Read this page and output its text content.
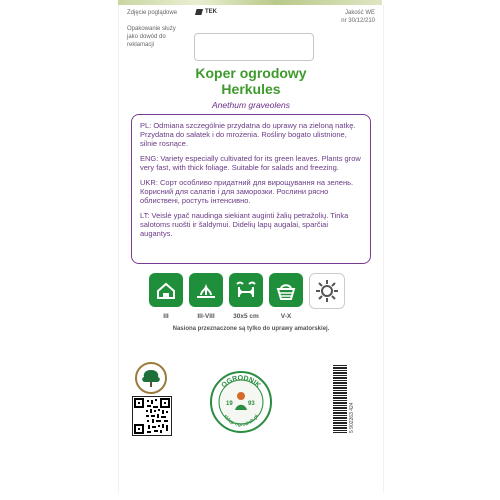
Zdjęcie poglądowe
Opakowanie służy jako dowód do reklamacji
TEK	Jakość WE
nr 30/12/210
Koper ogrodowy
Herkules
Anethum graveolens
PL: Odmiana szczególnie przydatna do uprawy na zieloną natkę. Przydatna do sałatek i do mrożenia. Rośliny bogato ulistnione, silnie rosnące.
ENG: Variety especially cultivated for its green leaves. Plants grow very fast, with thick foliage. Suitable for salads and freezing.
UKR: Сорт особливо придатний для вирощування на зелень. Корисний для салатів і для заморозки. Рослини рясно облиствені, ростуть інтенсивно.
LT: Veislė ypač naudinga siekiant auginti žalių petražolių. Tinka salotoms ruošti ir šaldymui. Didelių lapų augalai, sparčiai augantys.
III	III-VIII	30x5 cm	V-X
Nasiona przeznaczone są tylko do uprawy amatorskiej.
OGRODNIK
sklep-ogrodnik.pl
19	93	5 902263 424
